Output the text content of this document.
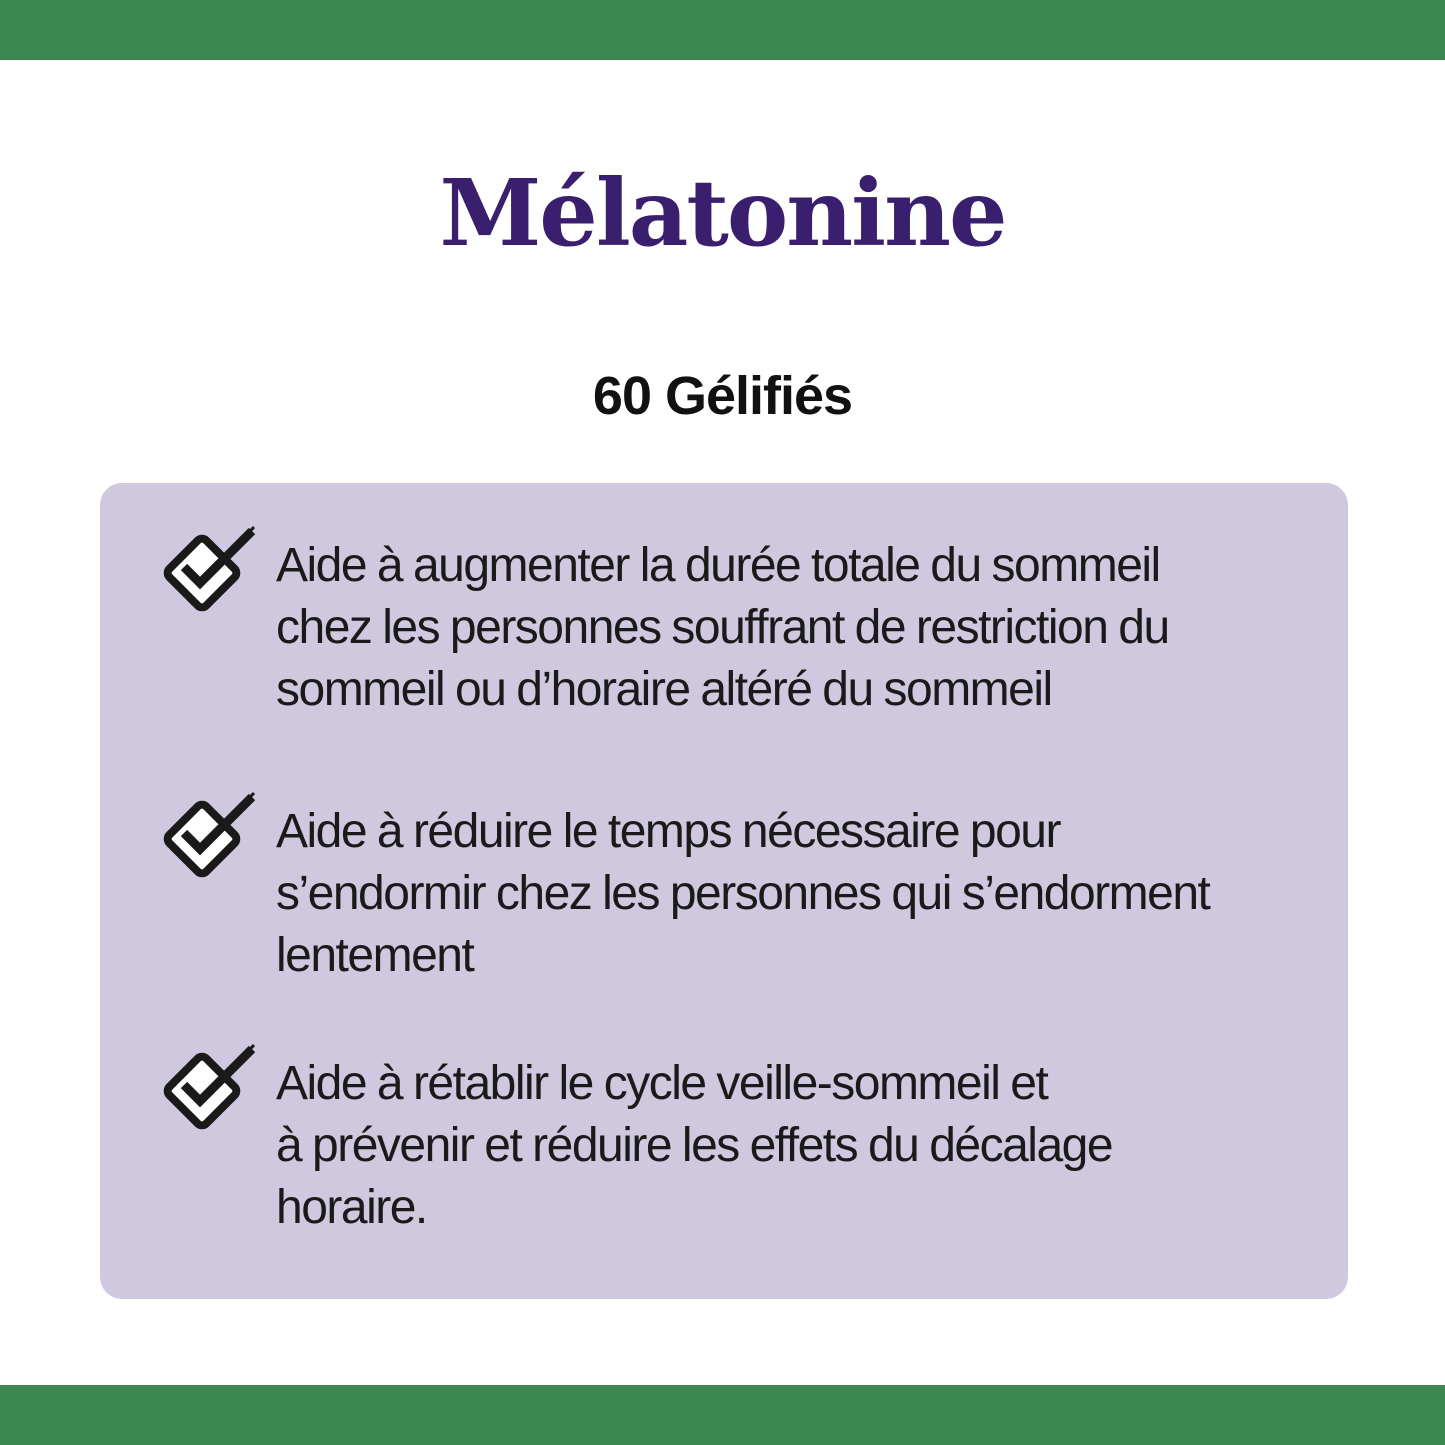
Mélatonine
60 Gélifiés
Aide à augmenter la durée totale du sommeil
chez les personnes souffrant de restriction du
sommeil ou d’horaire altéré du sommeil
Aide à réduire le temps nécessaire pour
s’endormir chez les personnes qui s’endorment
lentement
Aide à rétablir le cycle veille-sommeil et
à prévenir et réduire les effets du décalage
horaire.
